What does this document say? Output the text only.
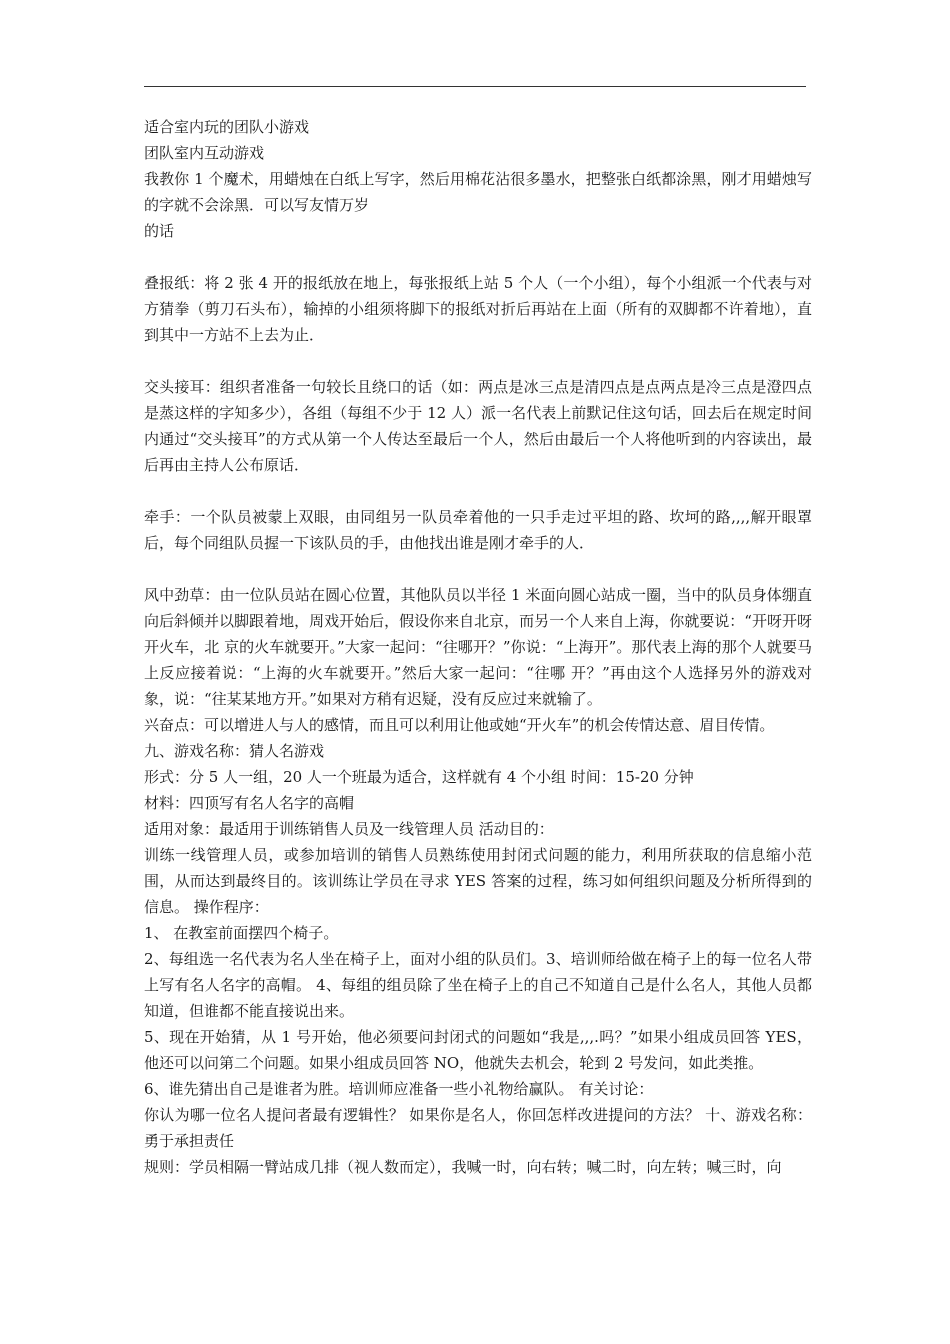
适合室内玩的团队小游戏

团队室内互动游戏

我教你 1 个魔术，用蜡烛在白纸上写字，然后用棉花沾很多墨水，把整张白纸都涂黑，刚才用蜡烛写的字就不会涂黑．可以写友情万岁

的话

叠报纸：将 2 张 4 开的报纸放在地上，每张报纸上站 5 个人（一个小组），每个小组派一个代表与对方猜拳（剪刀石头布），输掉的小组须将脚下的报纸对折后再站在上面（所有的双脚都不许着地），直到其中一方站不上去为止．

交头接耳：组织者准备一句较长且绕口的话（如：两点是冰三点是清四点是点两点是冷三点是澄四点是蒸这样的字知多少），各组（每组不少于 12 人）派一名代表上前默记住这句话，回去后在规定时间内通过“交头接耳”的方式从第一个人传达至最后一个人，然后由最后一个人将他听到的内容读出，最后再由主持人公布原话．

牵手：一个队员被蒙上双眼，由同组另一队员牵着他的一只手走过平坦的路、坎坷的路,,,,解开眼罩后，每个同组队员握一下该队员的手，由他找出谁是刚才牵手的人．

风中劲草：由一位队员站在圆心位置，其他队员以半径 1 米面向圆心站成一圈，当中的队员身体绷直向后斜倾并以脚跟着地，周戏开始后，假设你来自北京，而另一个人来自上海，你就要说：“开呀开呀开火车，北 京的火车就要开。”大家一起问：“往哪开？”你说：“上海开”。那代表上海的那个人就要马上反应接着说：“上海的火车就要开。”然后大家一起问：“往哪 开？”再由这个人选择另外的游戏对象，说：“往某某地方开。”如果对方稍有迟疑，没有反应过来就输了。

兴奋点：可以增进人与人的感情，而且可以利用让他或她“开火车”的机会传情达意、眉目传情。

九、游戏名称：猜人名游戏

形式：分 5 人一组，20 人一个班最为适合，这样就有 4 个小组 时间：15-20 分钟

材料：四顶写有名人名字的高帽

适用对象：最适用于训练销售人员及一线管理人员 活动目的：

训练一线管理人员，或参加培训的销售人员熟练使用封闭式问题的能力，利用所获取的信息缩小范围，从而达到最终目的。该训练让学员在寻求 YES 答案的过程，练习如何组织问题及分析所得到的信息。 操作程序：

1、 在教室前面摆四个椅子。

2、每组选一名代表为名人坐在椅子上，面对小组的队员们。3、培训师给做在椅子上的每一位名人带上写有名人名字的高帽。 4、每组的组员除了坐在椅子上的自己不知道自己是什么名人，其他人员都知道，但谁都不能直接说出来。

5、现在开始猜，从 1 号开始，他必须要问封闭式的问题如“我是,,,.吗？”如果小组成员回答 YES，他还可以问第二个问题。如果小组成员回答 NO，他就失去机会，轮到 2 号发问，如此类推。

6、谁先猜出自己是谁者为胜。培训师应准备一些小礼物给赢队。 有关讨论：

你认为哪一位名人提问者最有逻辑性？ 如果你是名人，你回怎样改进提问的方法？ 十、游戏名称：勇于承担责任

规则：学员相隔一臂站成几排（视人数而定），我喊一时，向右转；喊二时，向左转；喊三时，向
